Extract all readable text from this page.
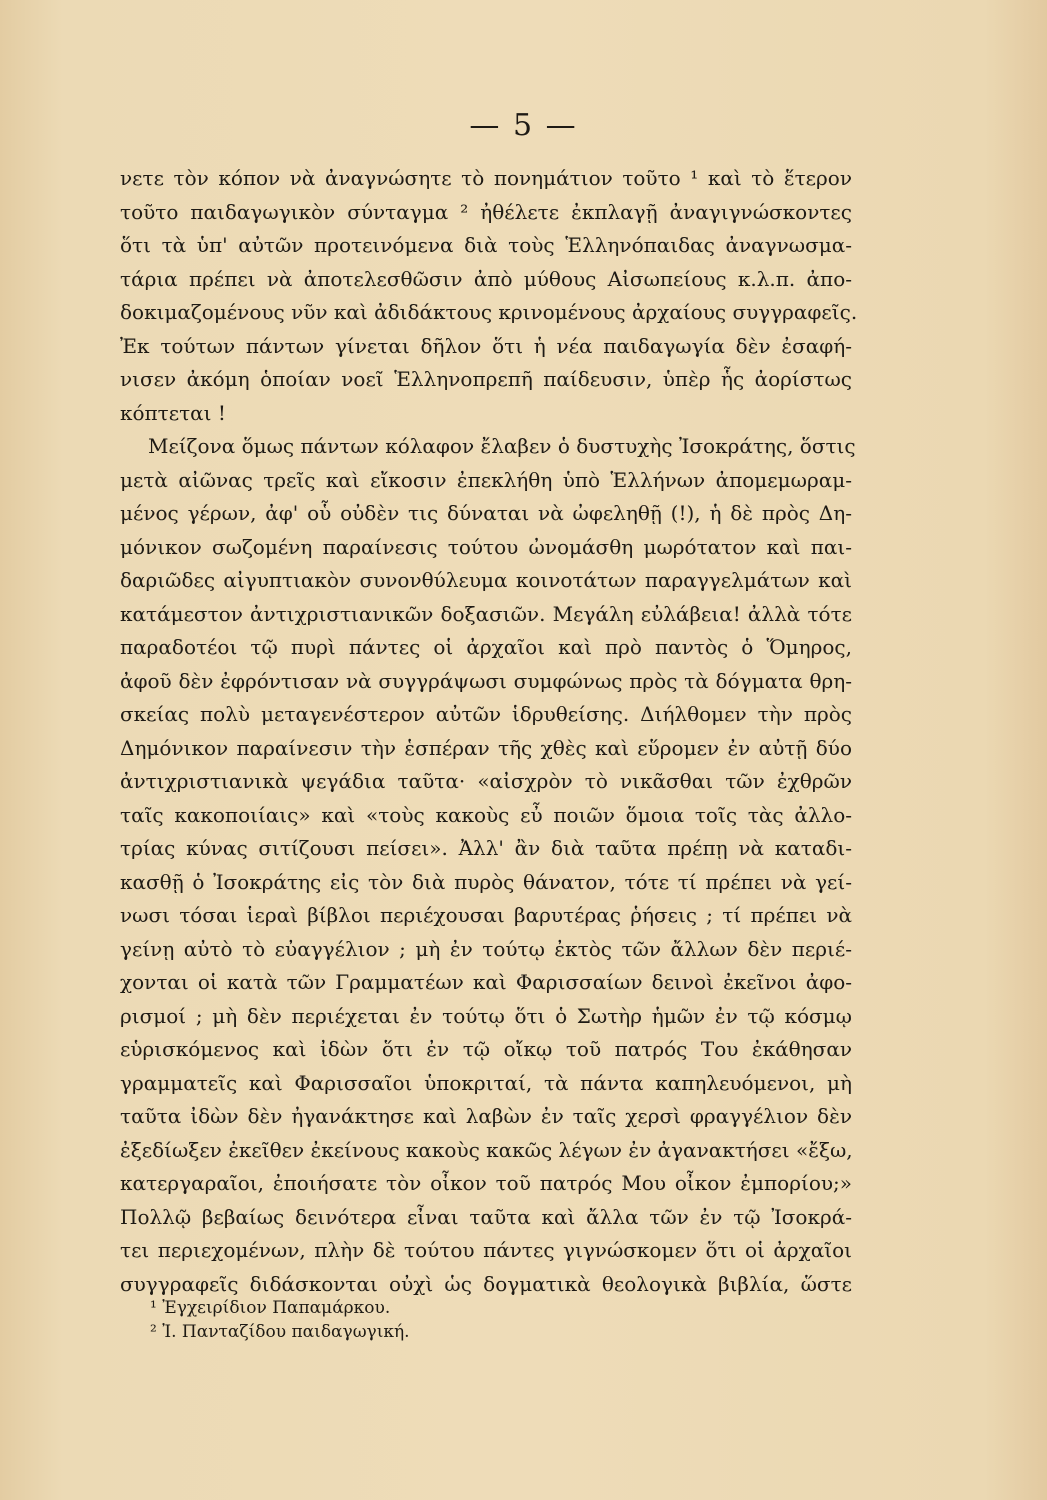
— 5 —
νετε τὸν κόπον νὰ ἀναγνώσητε τὸ πονημάτιον τοῦτο ¹ καὶ τὸ ἕτερον
τοῦτο παιδαγωγικὸν σύνταγμα ² ἠθέλετε ἐκπλαγῇ ἀναγιγνώσκοντες
ὅτι τὰ ὑπ' αὐτῶν προτεινόμενα διὰ τοὺς Ἑλληνόπαιδας ἀναγνωσμα-
τάρια πρέπει νὰ ἀποτελεσθῶσιν ἀπὸ μύθους Αἰσωπείους κ.λ.π. ἀπο-
δοκιμαζομένους νῦν καὶ ἀδιδάκτους κρινομένους ἀρχαίους συγγραφεῖς.
Ἐκ τούτων πάντων γίνεται δῆλον ὅτι ἡ νέα παιδαγωγία δὲν ἐσαφή-
νισεν ἀκόμη ὁποίαν νοεῖ Ἑλληνοπρεπῆ παίδευσιν, ὑπὲρ ἧς ἀορίστως
κόπτεται !
Μείζονα ὅμως πάντων κόλαφον ἔλαβεν ὁ δυστυχὴς Ἰσοκράτης, ὅστις
μετὰ αἰῶνας τρεῖς καὶ εἴκοσιν ἐπεκλήθη ὑπὸ Ἑλλήνων ἀπομεμωραμ-
μένος γέρων, ἀφ' οὗ οὐδὲν τις δύναται νὰ ὠφεληθῇ (!), ἡ δὲ πρὸς Δη-
μόνικον σωζομένη παραίνεσις τούτου ὠνομάσθη μωρότατον καὶ παι-
δαριῶδες αἰγυπτιακὸν συνονθύλευμα κοινοτάτων παραγγελμάτων καὶ
κατάμεστον ἀντιχριστιανικῶν δοξασιῶν. Μεγάλη εὐλάβεια! ἀλλὰ τότε
παραδοτέοι τῷ πυρὶ πάντες οἱ ἀρχαῖοι καὶ πρὸ παντὸς ὁ Ὅμηρος,
ἀφοῦ δὲν ἐφρόντισαν νὰ συγγράψωσι συμφώνως πρὸς τὰ δόγματα θρη-
σκείας πολὺ μεταγενέστερον αὐτῶν ἱδρυθείσης. Διήλθομεν τὴν πρὸς
Δημόνικον παραίνεσιν τὴν ἑσπέραν τῆς χθὲς καὶ εὕρομεν ἐν αὐτῇ δύο
ἀντιχριστιανικὰ ψεγάδια ταῦτα· «αἰσχρὸν τὸ νικᾶσθαι τῶν ἐχθρῶν
ταῖς κακοποιίαις» καὶ «τοὺς κακοὺς εὖ ποιῶν ὅμοια τοῖς τὰς ἀλλο-
τρίας κύνας σιτίζουσι πείσει». Ἀλλ' ἂν διὰ ταῦτα πρέπῃ νὰ καταδι-
κασθῇ ὁ Ἰσοκράτης εἰς τὸν διὰ πυρὸς θάνατον, τότε τί πρέπει νὰ γεί-
νωσι τόσαι ἱεραὶ βίβλοι περιέχουσαι βαρυτέρας ῥήσεις ; τί πρέπει νὰ
γείνῃ αὐτὸ τὸ εὐαγγέλιον ; μὴ ἐν τούτῳ ἐκτὸς τῶν ἄλλων δὲν περιέ-
χονται οἱ κατὰ τῶν Γραμματέων καὶ Φαρισσαίων δεινοὶ ἐκεῖνοι ἀφο-
ρισμοί ; μὴ δὲν περιέχεται ἐν τούτῳ ὅτι ὁ Σωτὴρ ἡμῶν ἐν τῷ κόσμῳ
εὑρισκόμενος καὶ ἰδὼν ὅτι ἐν τῷ οἴκῳ τοῦ πατρός Του ἐκάθησαν
γραμματεῖς καὶ Φαρισσαῖοι ὑποκριταί, τὰ πάντα καπηλευόμενοι, μὴ
ταῦτα ἰδὼν δὲν ἠγανάκτησε καὶ λαβὼν ἐν ταῖς χερσὶ φραγγέλιον δὲν
ἐξεδίωξεν ἐκεῖθεν ἐκείνους κακοὺς κακῶς λέγων ἐν ἀγανακτήσει «ἔξω,
κατεργαραῖοι, ἐποιήσατε τὸν οἶκον τοῦ πατρός Μου οἶκον ἐμπορίου;»
Πολλῷ βεβαίως δεινότερα εἶναι ταῦτα καὶ ἄλλα τῶν ἐν τῷ Ἰσοκρά-
τει περιεχομένων, πλὴν δὲ τούτου πάντες γιγνώσκομεν ὅτι οἱ ἀρχαῖοι
συγγραφεῖς διδάσκονται οὐχὶ ὡς δογματικὰ θεολογικὰ βιβλία, ὥστε
¹ Ἐγχειρίδιον Παπαμάρκου.
² Ἰ. Πανταζίδου παιδαγωγική.
